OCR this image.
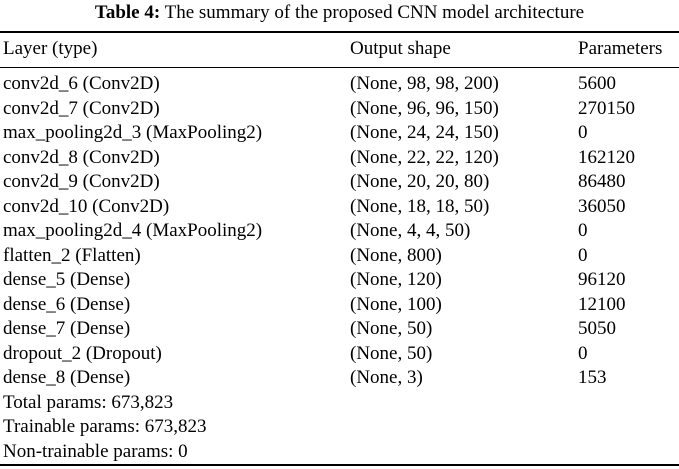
Table 4: The summary of the proposed CNN model architecture
Layer (type)	Output shape	Parameters
conv2d_6 (Conv2D)	(None, 98, 98, 200)	5600
conv2d_7 (Conv2D)	(None, 96, 96, 150)	270150
max_pooling2d_3 (MaxPooling2)	(None, 24, 24, 150)	0
conv2d_8 (Conv2D)	(None, 22, 22, 120)	162120
conv2d_9 (Conv2D)	(None, 20, 20, 80)	86480
conv2d_10 (Conv2D)	(None, 18, 18, 50)	36050
max_pooling2d_4 (MaxPooling2)	(None, 4, 4, 50)	0
flatten_2 (Flatten)	(None, 800)	0
dense_5 (Dense)	(None, 120)	96120
dense_6 (Dense)	(None, 100)	12100
dense_7 (Dense)	(None, 50)	5050
dropout_2 (Dropout)	(None, 50)	0
dense_8 (Dense)	(None, 3)	153
Total params: 673,823
Trainable params: 673,823
Non-trainable params: 0
